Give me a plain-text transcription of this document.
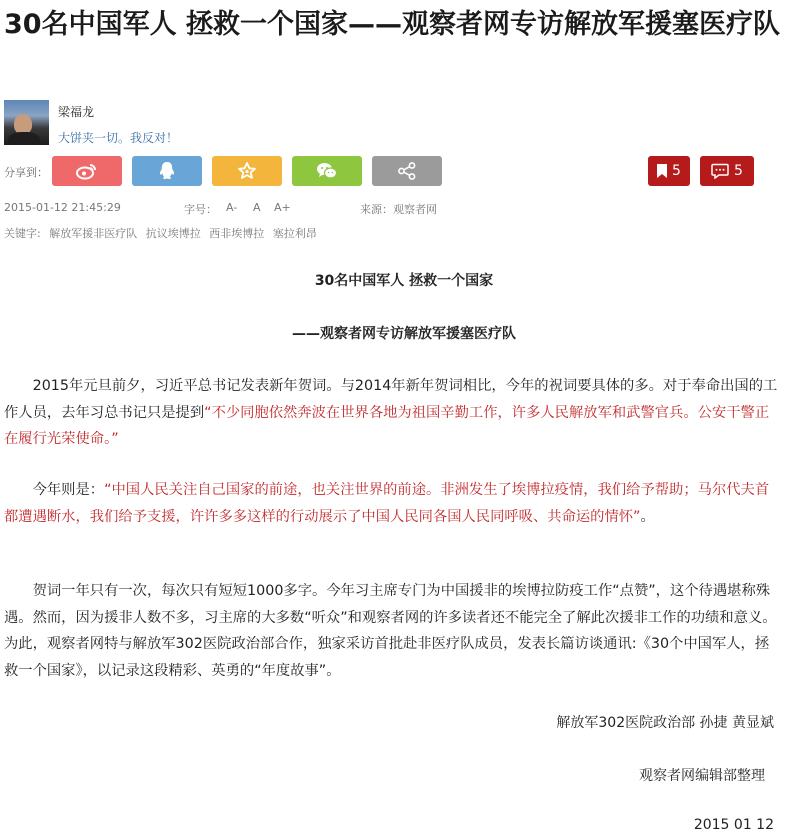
30名中国军人 拯救一个国家——观察者网专访解放军援塞医疗队
梁福龙
大饼夹一切。我反对！
分享到：	5	5
2015-01-12 21:45:29	字号： A- A A+	来源：观察者网
关键字: 解放军援非医疗队 抗议埃博拉 西非埃博拉 塞拉利昂
30名中国军人 拯救一个国家
——观察者网专访解放军援塞医疗队

2015年元旦前夕，习近平总书记发表新年贺词。与2014年新年贺词相比，今年的祝词要具体的多。对于奉命出国的工作人员，去年习总书记只是提到“不少同胞依然奔波在世界各地为祖国辛勤工作，许多人民解放军和武警官兵。公安干警正在履行光荣使命。”

今年则是：“中国人民关注自己国家的前途，也关注世界的前途。非洲发生了埃博拉疫情，我们给予帮助；马尔代夫首都遭遇断水，我们给予支援，许许多多这样的行动展示了中国人民同各国人民同呼吸、共命运的情怀”。

贺词一年只有一次，每次只有短短1000多字。今年习主席专门为中国援非的埃博拉防疫工作“点赞”，这个待遇堪称殊遇。然而，因为援非人数不多，习主席的大多数“听众”和观察者网的许多读者还不能完全了解此次援非工作的功绩和意义。为此，观察者网特与解放军302医院政治部合作，独家采访首批赴非医疗队成员，发表长篇访谈通讯:《30个中国军人，拯救一个国家》，以记录这段精彩、英勇的“年度故事”。

解放军302医院政治部 孙捷 黄显斌
观察者网编辑部整理
2015 01 12
